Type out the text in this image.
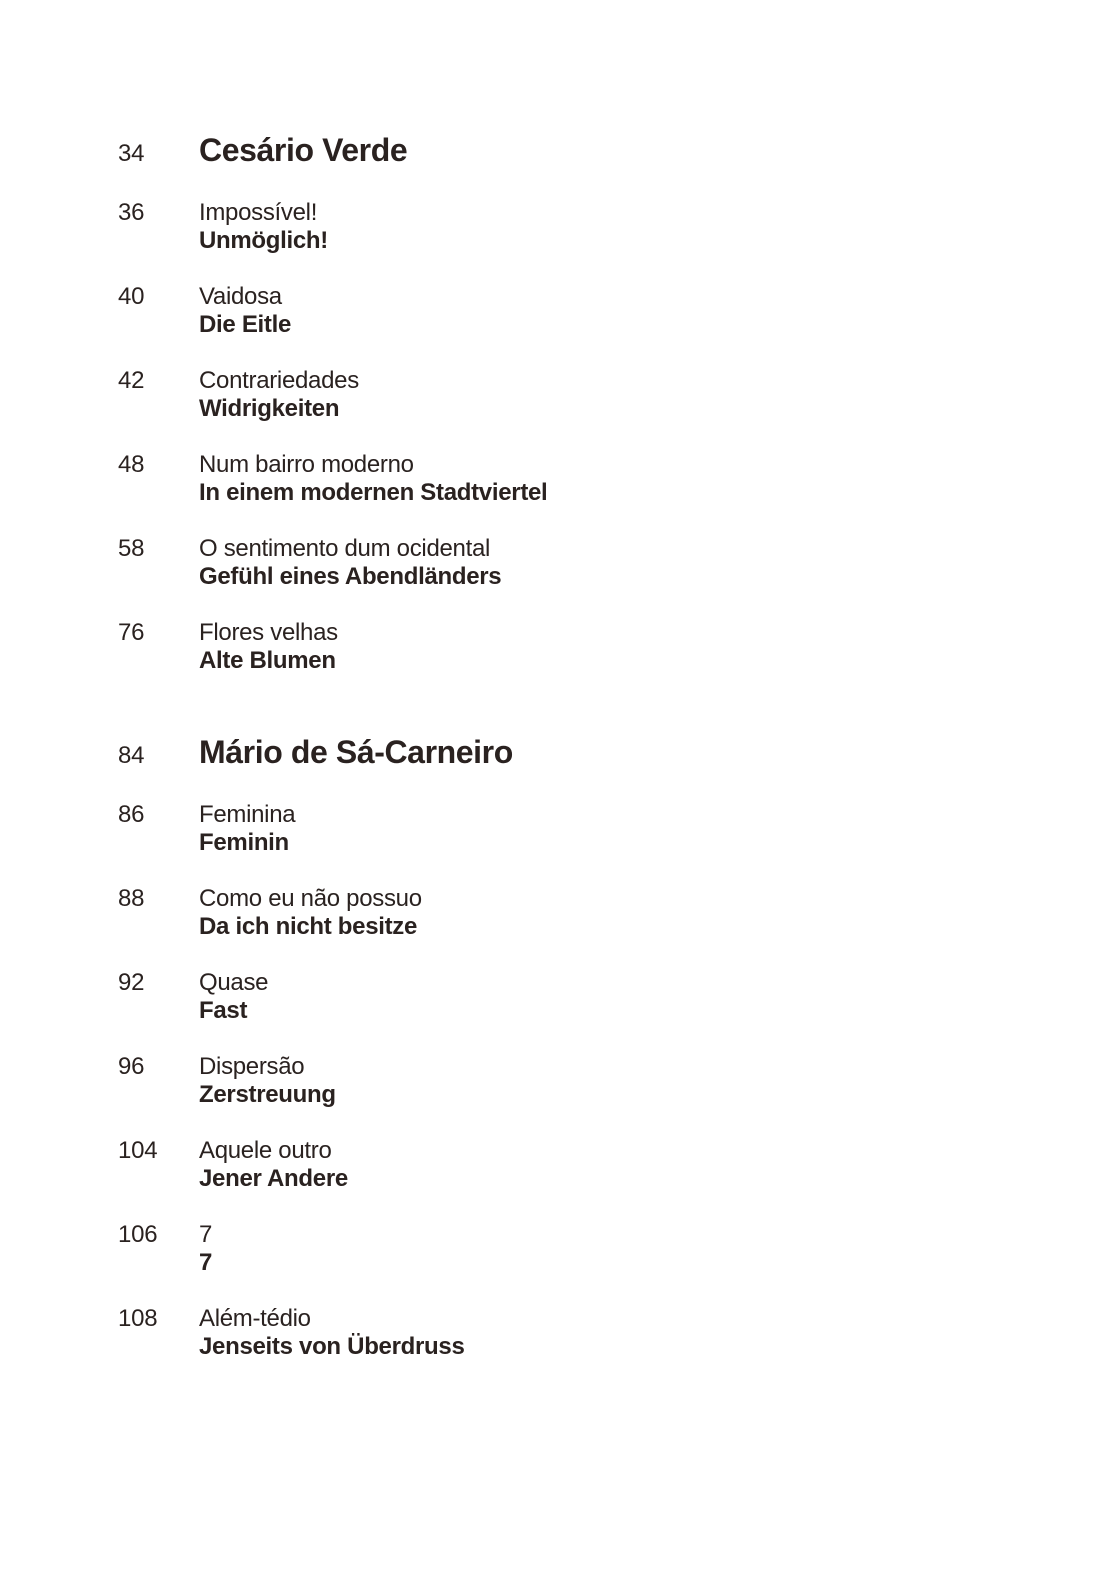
34	Cesário Verde
36	Impossível!
Unmöglich!
40	Vaidosa
Die Eitle
42	Contrariedades
Widrigkeiten
48	Num bairro moderno
In einem modernen Stadtviertel
58	O sentimento dum ocidental
Gefühl eines Abendländers
76	Flores velhas
Alte Blumen
84	Mário de Sá-Carneiro
86	Feminina
Feminin
88	Como eu não possuo
Da ich nicht besitze
92	Quase
Fast
96	Dispersão
Zerstreuung
104	Aquele outro
Jener Andere
106	7
7
108	Além-tédio
Jenseits von Überdruss
